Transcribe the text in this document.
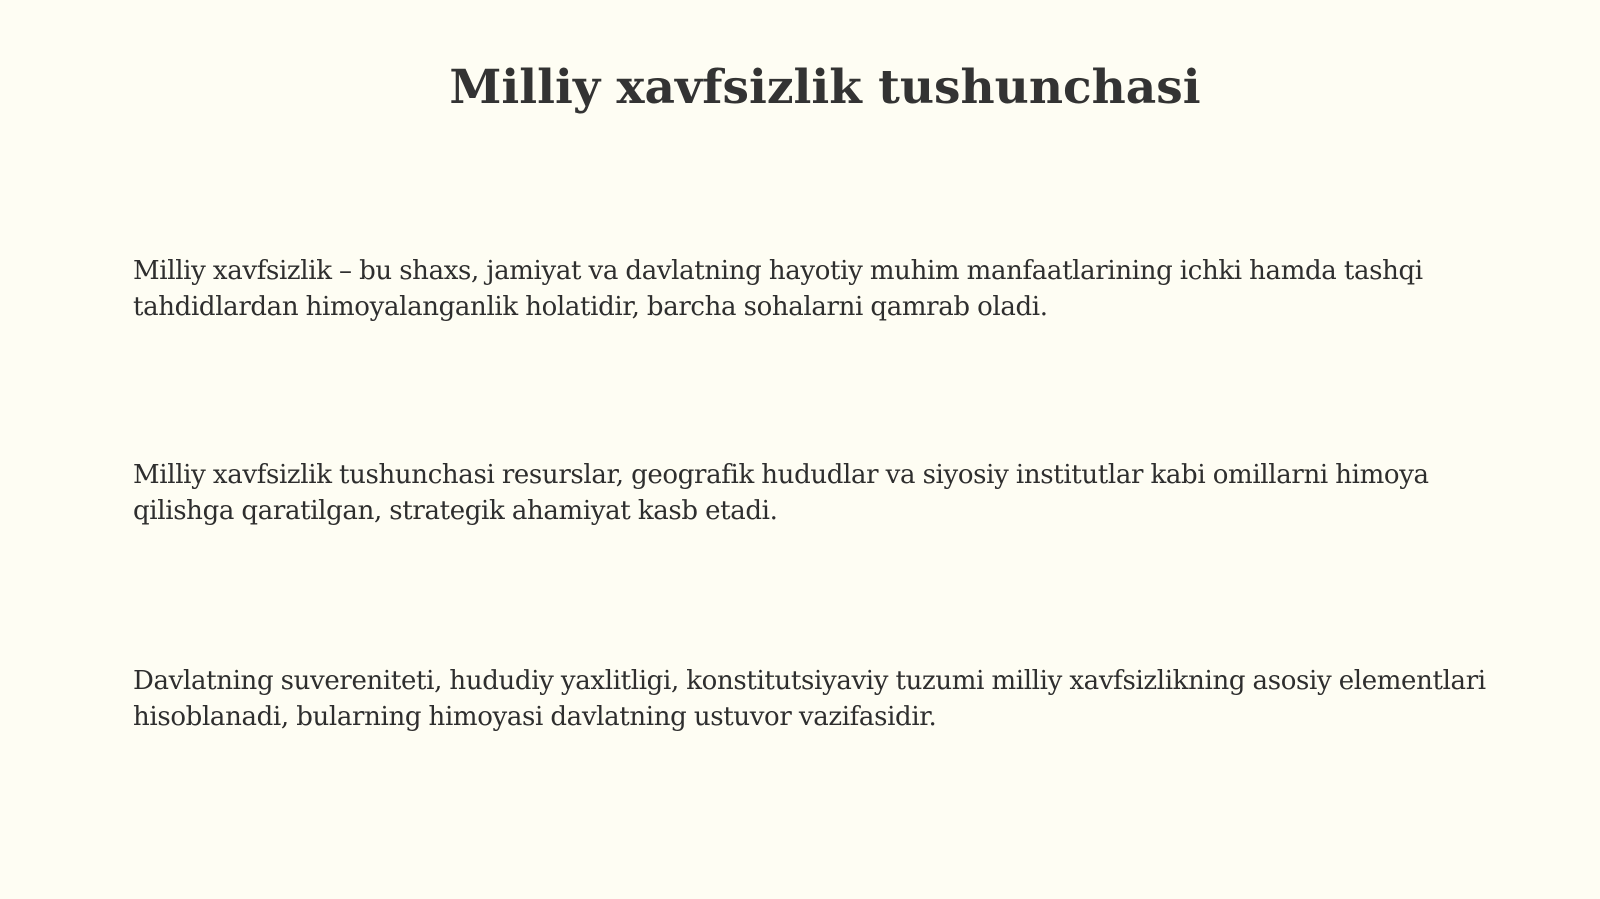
Milliy xavfsizlik tushunchasi

Milliy xavfsizlik – bu shaxs, jamiyat va davlatning hayotiy muhim manfaatlarining ichki hamda tashqi tahdidlardan himoyalanganlik holatidir, barcha sohalarni qamrab oladi.

Milliy xavfsizlik tushunchasi resurslar, geografik hududlar va siyosiy institutlar kabi omillarni himoya qilishga qaratilgan, strategik ahamiyat kasb etadi.

Davlatning suvereniteti, hududiy yaxlitligi, konstitutsiyaviy tuzumi milliy xavfsizlikning asosiy elementlari hisoblanadi, bularning himoyasi davlatning ustuvor vazifasidir.
